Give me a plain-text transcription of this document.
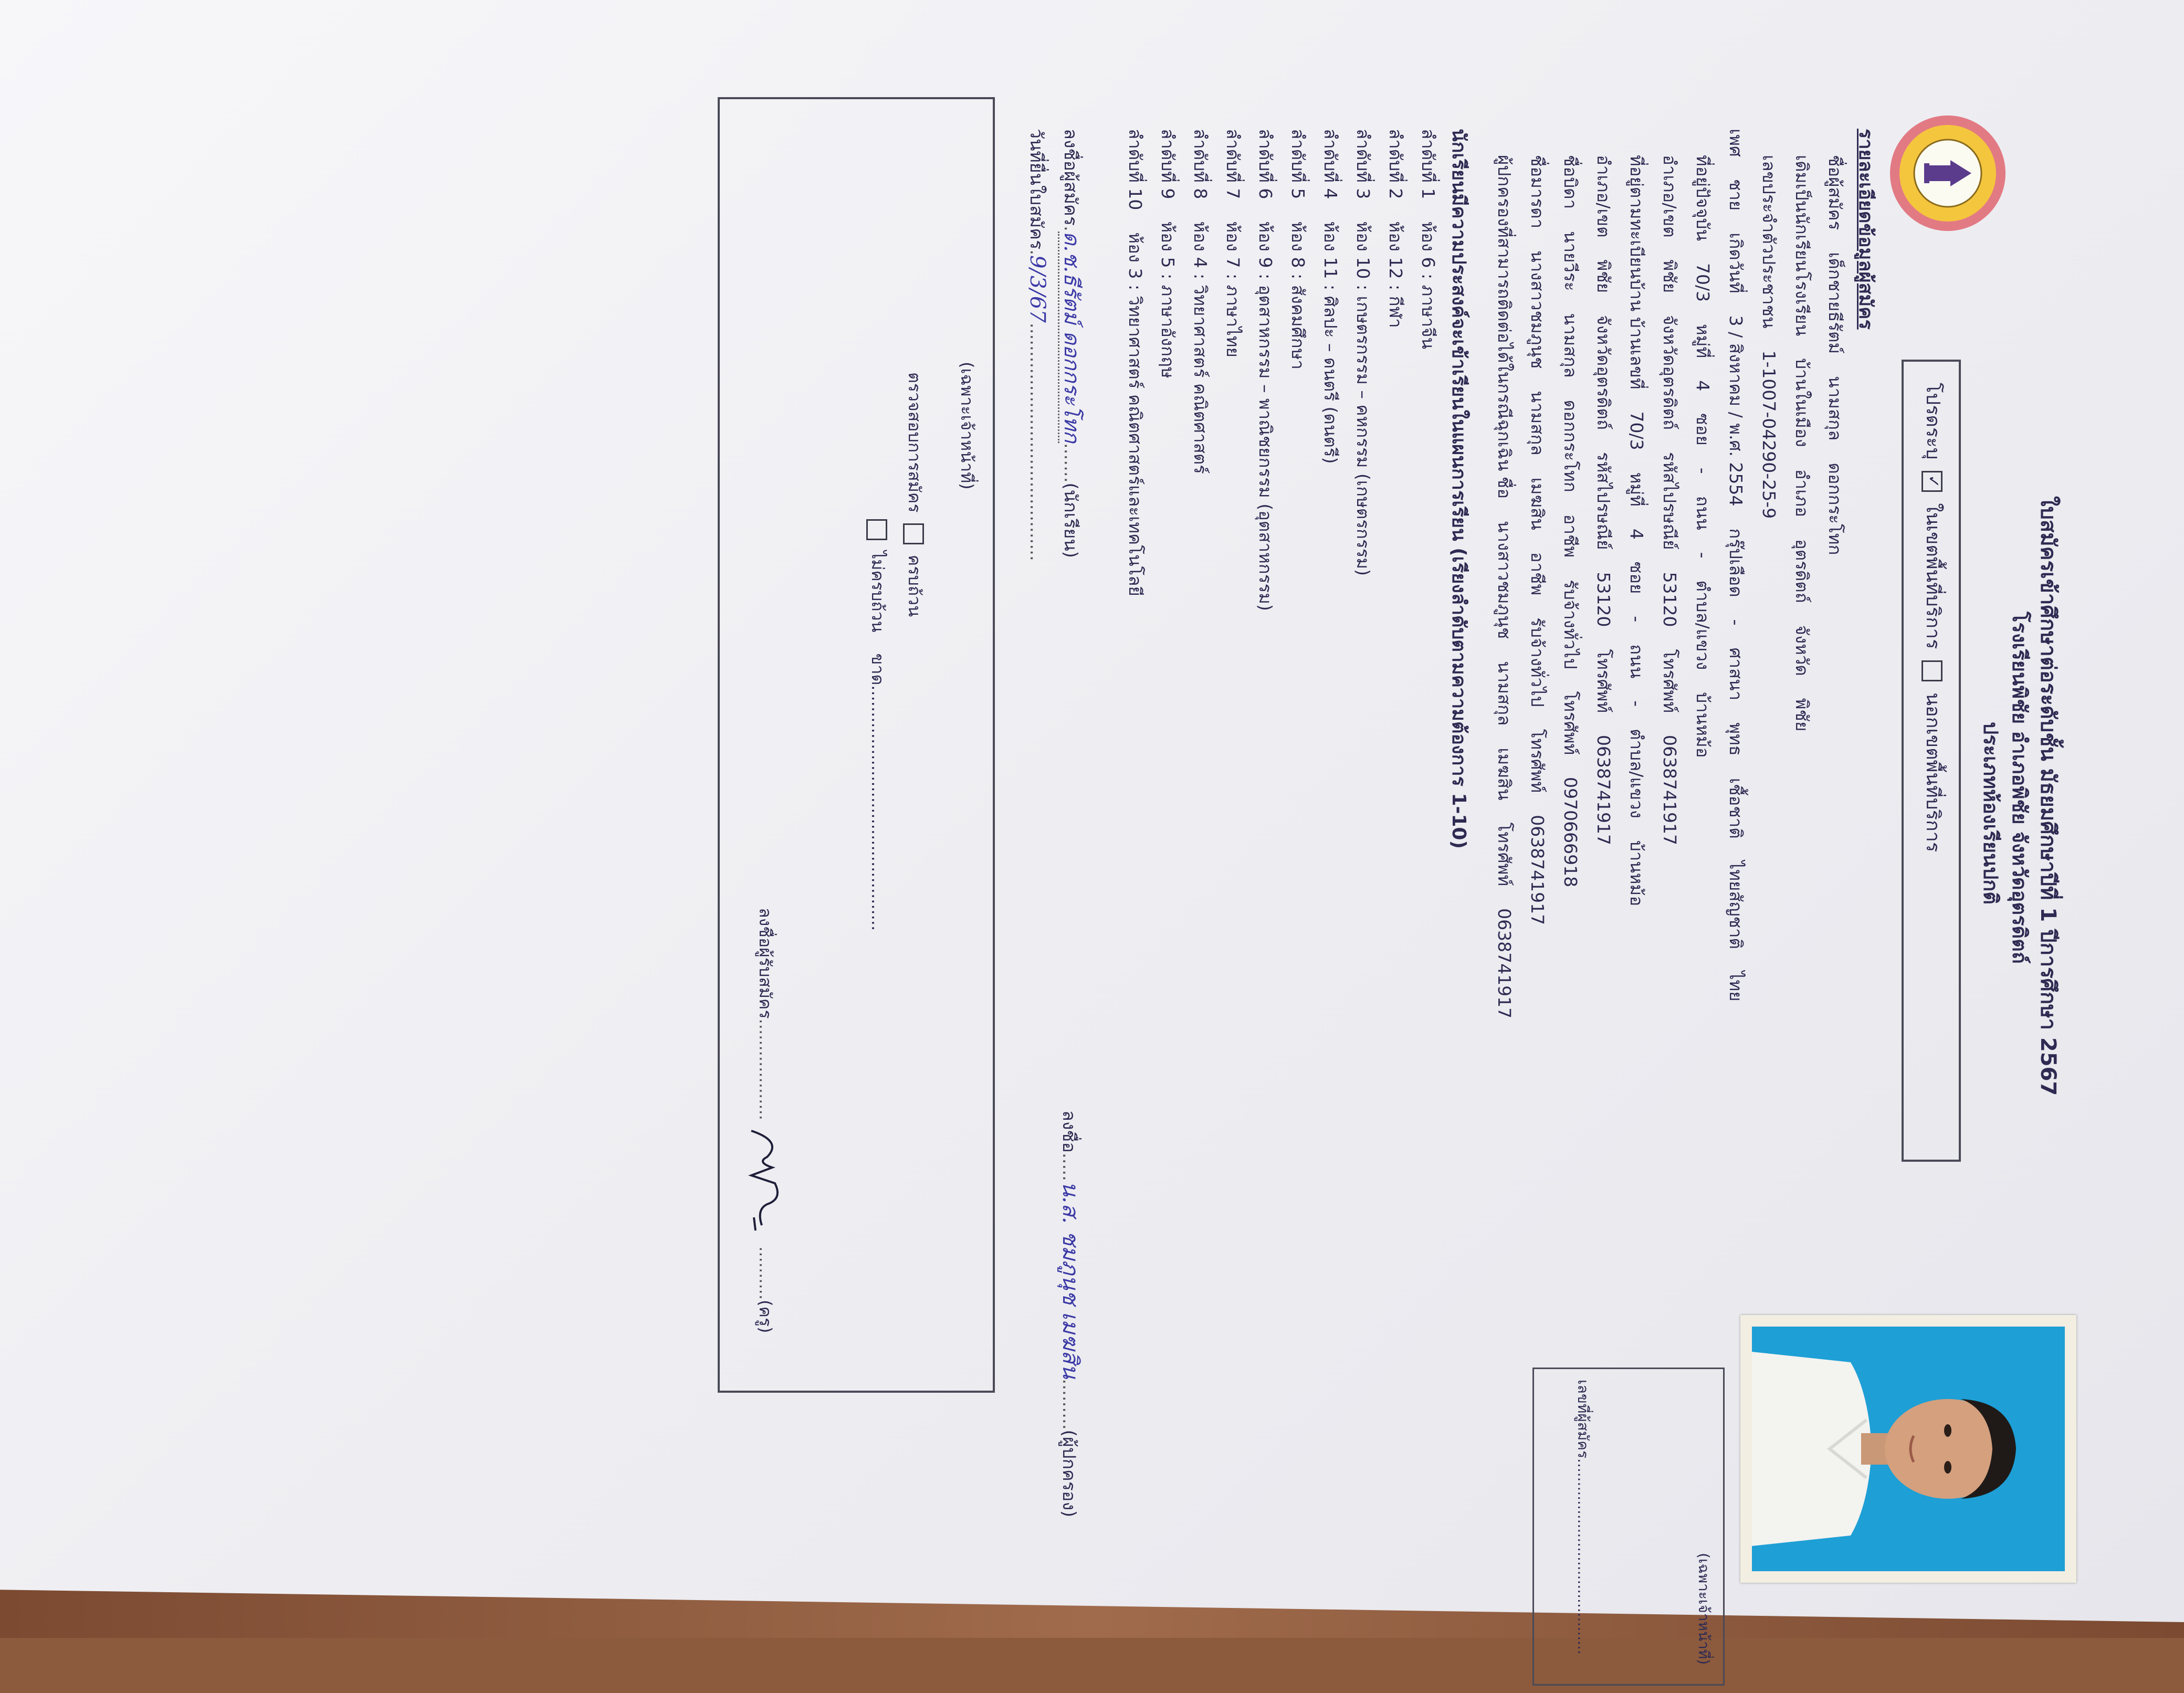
ใบสมัครเข้าศึกษาต่อระดับชั้น มัธยมศึกษาปีที่ 1 ปีการศึกษา 2567
โรงเรียนพิชัย อำเภอพิชัย จังหวัดอุตรดิตถ์
ประเภทห้องเรียนปกติ
โปรดระบุ ✓ ในเขตพื้นที่บริการ  นอกเขตพื้นที่บริการ
(เฉพาะเจ้าหน้าที่)
เลขที่ผู้สมัคร..........................................
รายละเอียดข้อมูลผู้สมัคร
ชื่อผู้สมัคร    เด็กชายธีรัตม์    นามสกุล    ดอกกระโทก
เดิมเป็นนักเรียนโรงเรียน    บ้านในเมือง    อำเภอ    อุตรดิตถ์    จังหวัด    พิชัย
เลขประจำตัวประชาชน    1-1007-04290-25-9
เพศ    ชาย    เกิดวันที่    3 / สิงหาคม / พ.ศ. 2554    กรุ๊ปเลือด    -    ศาสนา    พุทธ    เชื้อชาติ    ไทยสัญชาติ    ไทย
ที่อยู่ปัจจุบัน    70/3    หมู่ที่    4    ซอย    -    ถนน    -    ตำบล/แขวง    บ้านหม้อ
อำเภอ/เขต    พิชัย    จังหวัดอุตรดิตถ์    รหัสไปรษณีย์    53120    โทรศัพท์    0638741917
ที่อยู่ตามทะเบียนบ้าน บ้านเลขที่    70/3    หมู่ที่    4    ซอย    -    ถนน    -    ตำบล/แขวง    บ้านหม้อ
อำเภอ/เขต    พิชัย    จังหวัดอุตรดิตถ์    รหัสไปรษณีย์    53120    โทรศัพท์    0638741917
ชื่อบิดา    นายวีระ    นามสกุล    ดอกกระโทก    อาชีพ    รับจ้างทั่วไป    โทรศัพท์    0970666918
ชื่อมารดา    นางสาวชมภูนุช    นามสกุล    เมฆสิน    อาชีพ    รับจ้างทั่วไป    โทรศัพท์    0638741917
ผู้ปกครองที่สามารถติดต่อได้ในกรณีฉุกเฉิน ชื่อ    นางสาวชมภูนุช    นามสกุล    เมฆสิน    โทรศัพท์    0638741917
นักเรียนมีความประสงค์จะเข้าเรียนในแผนการเรียน (เรียงลำดับตามความต้องการ 1-10)
ลำดับที่ 1    ห้อง 6 : ภาษาจีน
ลำดับที่ 2    ห้อง 12 : กีฬา
ลำดับที่ 3    ห้อง 10 : เกษตรกรรม – คหกรรม (เกษตรกรรม)
ลำดับที่ 4    ห้อง 11 : ศิลปะ – ดนตรี (ดนตรี)
ลำดับที่ 5    ห้อง 8 : สังคมศึกษา
ลำดับที่ 6    ห้อง 9 : อุตสาหกรรม – พาณิชยกรรม (อุตสาหกรรม)
ลำดับที่ 7    ห้อง 7 : ภาษาไทย
ลำดับที่ 8    ห้อง 4 : วิทยาศาสตร์ คณิตศาสตร์
ลำดับที่ 9    ห้อง 5 : ภาษาอังกฤษ
ลำดับที่ 10    ห้อง 3 : วิทยาศาสตร์ คณิตศาสตร์และเทคโนโลยี
ลงชื่อผู้สมัคร.ด.ช.ธีรัตม์ ดอกกระโทก.......(นักเรียน)
วันที่ยื่นใบสมัคร.9/3/67..........................................
ลงชื่อ.....น.ส. ชมภูนุช เมฆสิน.........(ผู้ปกครอง)
(เฉพาะเจ้าหน้าที่)
ตรวจสอบการสมัคร  ครบถ้วน
ไม่ครบถ้วน ขาด..............................................
ลงชื่อผู้รับสมัคร...................  ..........(ครู)
